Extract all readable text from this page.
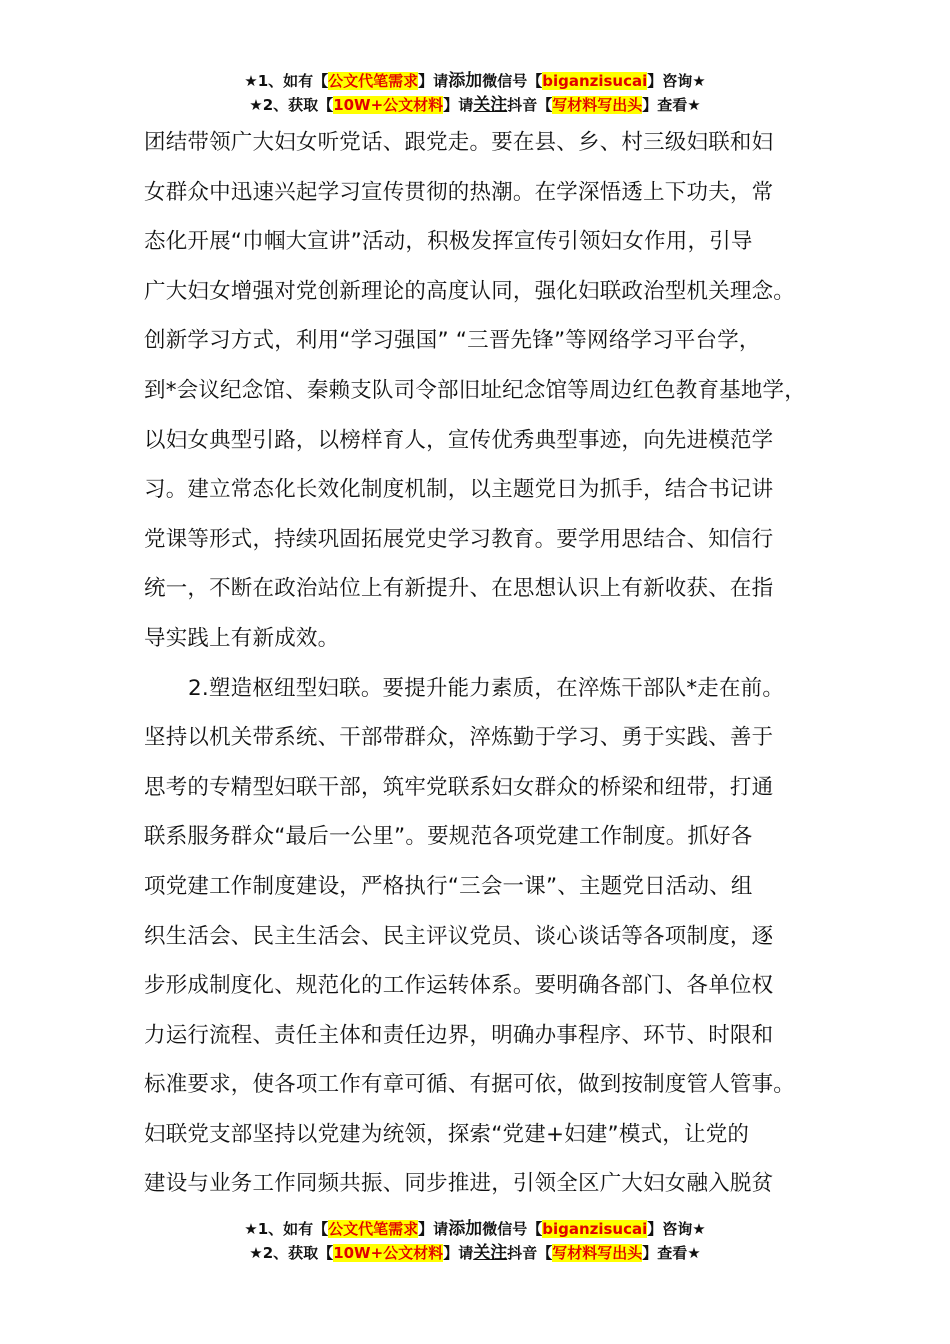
★1、如有【公文代笔需求】请添加微信号【biganzisucai】咨询★
★2、获取【10W+公文材料】请关注抖音【写材料写出头】查看★
团结带领广大妇女听党话、跟党走。要在县、乡、村三级妇联和妇
女群众中迅速兴起学习宣传贯彻的热潮。在学深悟透上下功夫，常
态化开展“巾帼大宣讲”活动，积极发挥宣传引领妇女作用，引导
广大妇女增强对党创新理论的高度认同，强化妇联政治型机关理念。
创新学习方式，利用“学习强国” “三晋先锋”等网络学习平台学，
到*会议纪念馆、秦赖支队司令部旧址纪念馆等周边红色教育基地学，
以妇女典型引路，以榜样育人，宣传优秀典型事迹，向先进模范学
习。建立常态化长效化制度机制，以主题党日为抓手，结合书记讲
党课等形式，持续巩固拓展党史学习教育。要学用思结合、知信行
统一，不断在政治站位上有新提升、在思想认识上有新收获、在指
导实践上有新成效。
2.塑造枢纽型妇联。要提升能力素质，在淬炼干部队*走在前。
坚持以机关带系统、干部带群众，淬炼勤于学习、勇于实践、善于
思考的专精型妇联干部，筑牢党联系妇女群众的桥梁和纽带，打通
联系服务群众“最后一公里”。要规范各项党建工作制度。抓好各
项党建工作制度建设，严格执行“三会一课”、主题党日活动、组
织生活会、民主生活会、民主评议党员、谈心谈话等各项制度，逐
步形成制度化、规范化的工作运转体系。要明确各部门、各单位权
力运行流程、责任主体和责任边界，明确办事程序、环节、时限和
标准要求，使各项工作有章可循、有据可依，做到按制度管人管事。
妇联党支部坚持以党建为统领，探索“党建+妇建”模式，让党的
建设与业务工作同频共振、同步推进，引领全区广大妇女融入脱贫
★1、如有【公文代笔需求】请添加微信号【biganzisucai】咨询★
★2、获取【10W+公文材料】请关注抖音【写材料写出头】查看★
